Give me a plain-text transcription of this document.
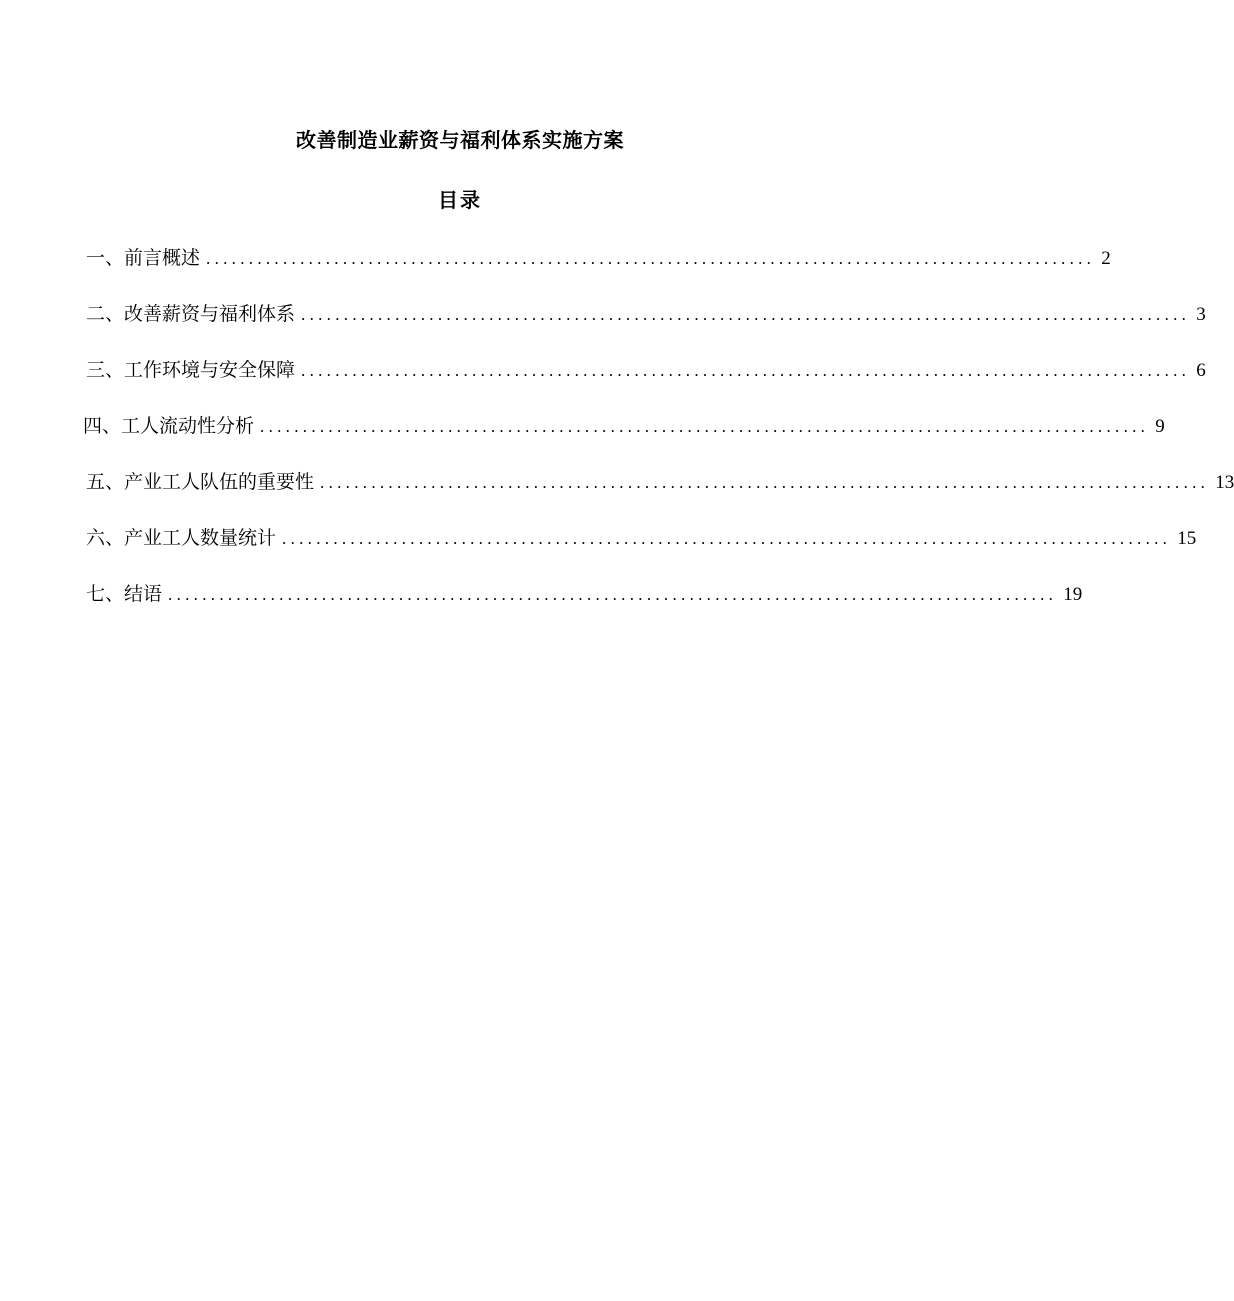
改善制造业薪资与福利体系实施方案
目录
一、前言概述 ........................................................................................................ 2
二、改善薪资与福利体系 ........................................................................................................ 3
三、工作环境与安全保障 ........................................................................................................ 6
四、工人流动性分析 ........................................................................................................ 9
五、产业工人队伍的重要性 ........................................................................................................ 13
六、产业工人数量统计 ........................................................................................................ 15
七、结语 ........................................................................................................ 19
